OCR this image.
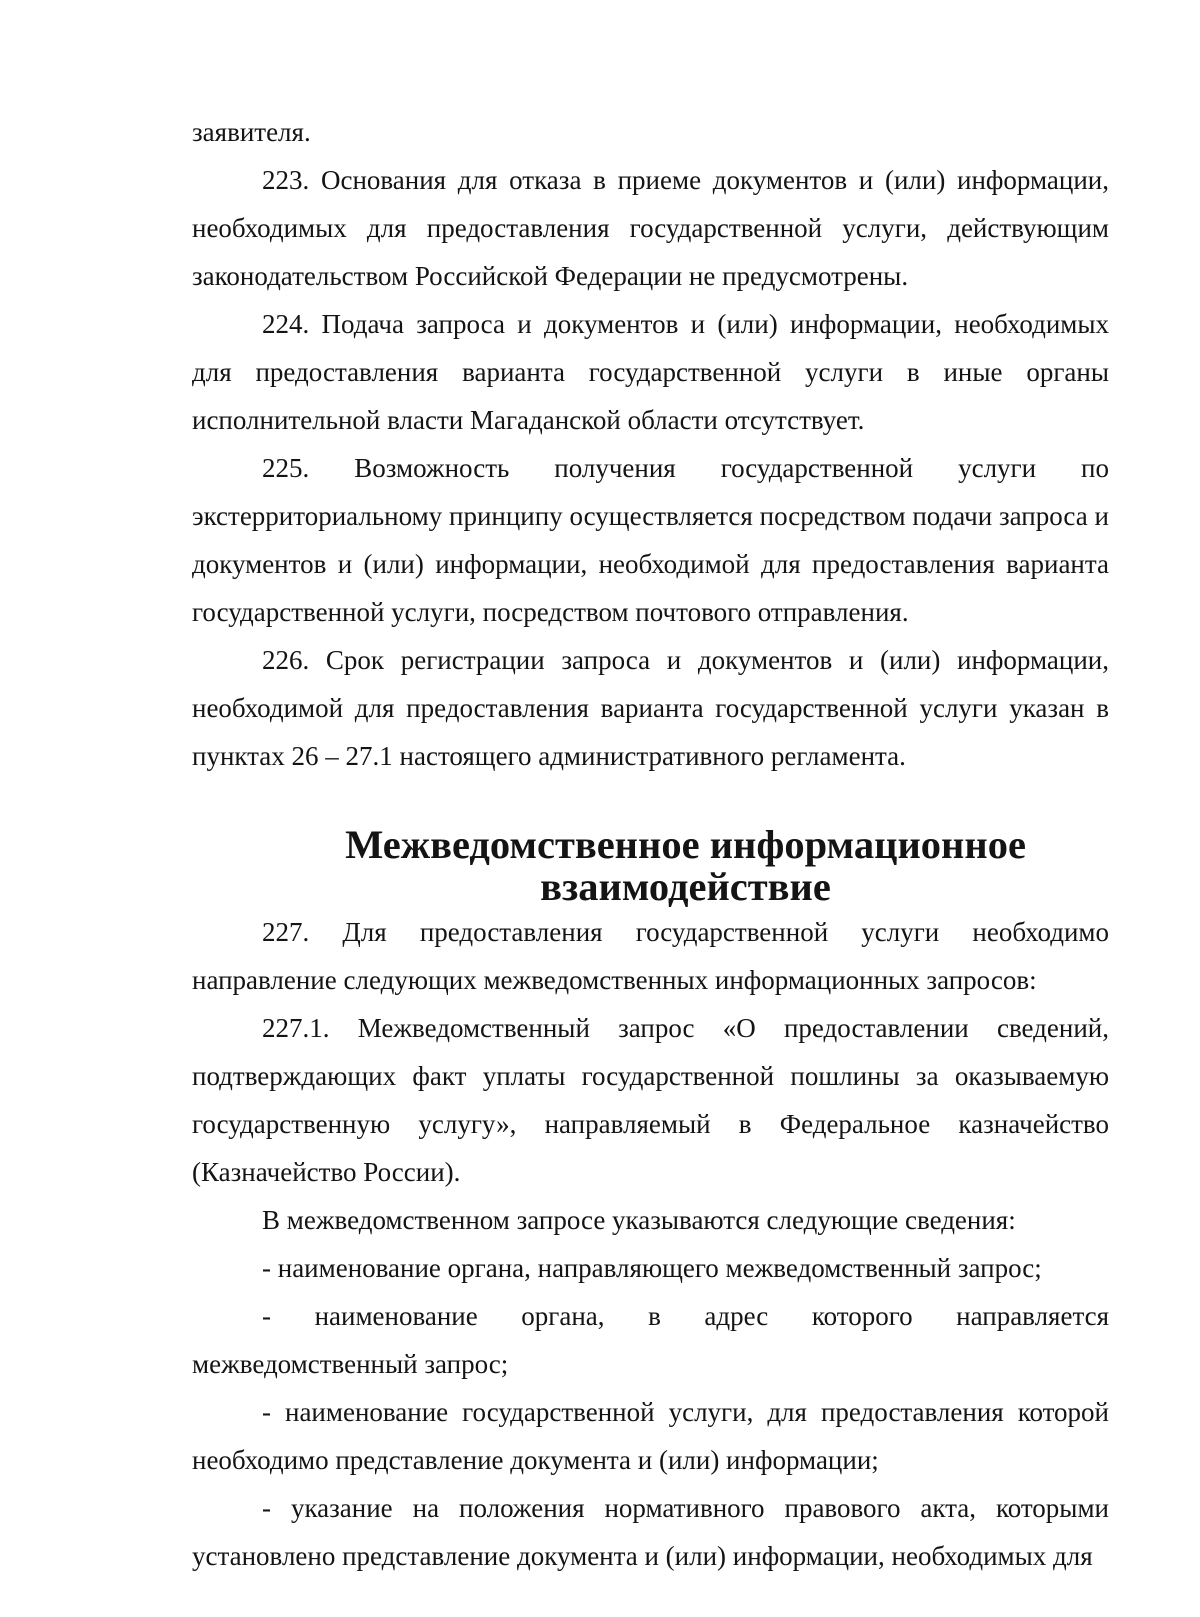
заявителя.

223. Основания для отказа в приеме документов и (или) информации, необходимых для предоставления государственной услуги, действующим законодательством Российской Федерации не предусмотрены.

224. Подача запроса и документов и (или) информации, необходимых для предоставления варианта государственной услуги в иные органы исполнительной власти Магаданской области отсутствует.

225. Возможность получения государственной услуги по экстерриториальному принципу осуществляется посредством подачи запроса и документов и (или) информации, необходимой для предоставления варианта государственной услуги, посредством почтового отправления.

226. Срок регистрации запроса и документов и (или) информации, необходимой для предоставления варианта государственной услуги указан в пунктах 26 – 27.1 настоящего административного регламента.

Межведомственное информационное взаимодействие

227. Для предоставления государственной услуги необходимо направление следующих межведомственных информационных запросов:

227.1. Межведомственный запрос «О предоставлении сведений, подтверждающих факт уплаты государственной пошлины за оказываемую государственную услугу», направляемый в Федеральное казначейство (Казначейство России).

В межведомственном запросе указываются следующие сведения:

- наименование органа, направляющего межведомственный запрос;

- наименование органа, в адрес которого направляется межведомственный запрос;

- наименование государственной услуги, для предоставления которой необходимо представление документа и (или) информации;

- указание на положения нормативного правового акта, которыми установлено представление документа и (или) информации, необходимых для
